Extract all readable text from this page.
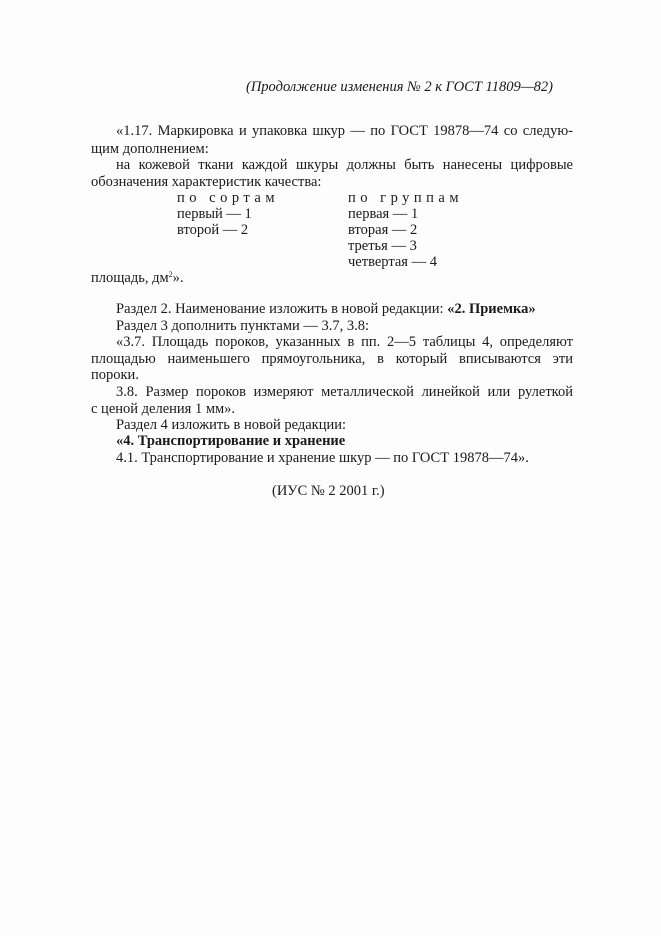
(Продолжение изменения № 2 к ГОСТ 11809—82)
«1.17. Маркировка и упаковка шкур — по ГОСТ 19878—74 со следую-
щим дополнением:
на кожевой ткани каждой шкуры должны быть нанесены цифровые
обозначения характеристик качества:
по сортам
первый — 1
второй — 2
по группам
первая — 1
вторая — 2
третья — 3
четвертая — 4
площадь, $дм^2$».
Раздел 2. Наименование изложить в новой редакции: «2. Приемка»
Раздел 3 дополнить пунктами — 3.7, 3.8:
«3.7. Площадь пороков, указанных в пп. 2—5 таблицы 4, определяют
площадью наименьшего прямоугольника, в который вписываются эти
пороки.
3.8. Размер пороков измеряют металлической линейкой или рулеткой
с ценой деления 1 мм».
Раздел 4 изложить в новой редакции:
«4. Транспортирование и хранение
4.1. Транспортирование и хранение шкур — по ГОСТ 19878—74».
(ИУС № 2 2001 г.)
